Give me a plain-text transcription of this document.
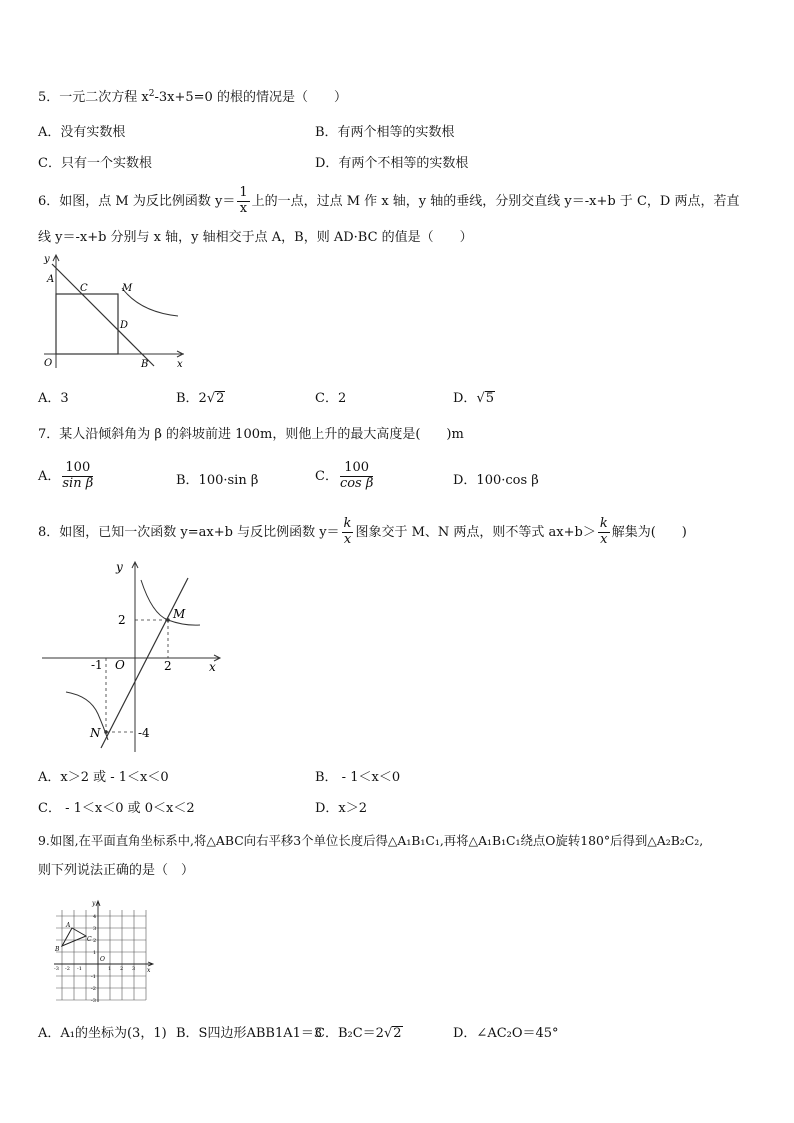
5．一元二次方程 $x^2-3x+5=0$ 的根的情况是（　　）
A．没有实数根	B．有两个相等的实数根
C．只有一个实数根	D．有两个不相等的实数根
6．如图，点 M 为反比例函数 $y= \frac{1}{x}$ 上的一点，过点 M 作 x 轴，y 轴的垂线，分别交直线 y＝-x+b 于 C，D 两点，若直
线 y＝-x+b 分别与 x 轴，y 轴相交于点 A，B，则 AD·BC 的值是（　　）
y
A
C	M
D
O	B	x
A．3	B．2√2	C．2	D．√5
7．某人沿倾斜角为 β 的斜坡前进 100m，则他上升的最大高度是(　　)m
A． $\frac{100}{\text{sin β}}$	B．100·sin β	C． $\frac{100}{\text{cos β}}$	D．100·cos β
8．如图，已知一次函数 y=ax+b 与反比例函数 $y= \frac{k}{x}$ 图象交于 M、N 两点，则不等式 $ax+b> \frac{k}{x}$ 解集为(　　)
y
2	M
-1 O	2	x
N	-4
A．x＞2 或 - 1＜x＜0	B． - 1＜x＜0
C． - 1＜x＜0 或 0＜x＜2	D．x＞2
9.如图,在平面直角坐标系中,将△ABC向右平移3个单位长度后得△A₁B₁C₁,再将△A₁B₁C₁绕点O旋转180°后得到△A₂B₂C₂,
则下列说法正确的是（　）
y
x
A
B
C
O
4
3
2
1
-1
-2
-3
-3 -2 -1	1 2 3
A．A₁的坐标为(3，1) B．S四边形ABB1A1＝3
C．B₂C＝2√2	D．∠AC₂O＝45°
